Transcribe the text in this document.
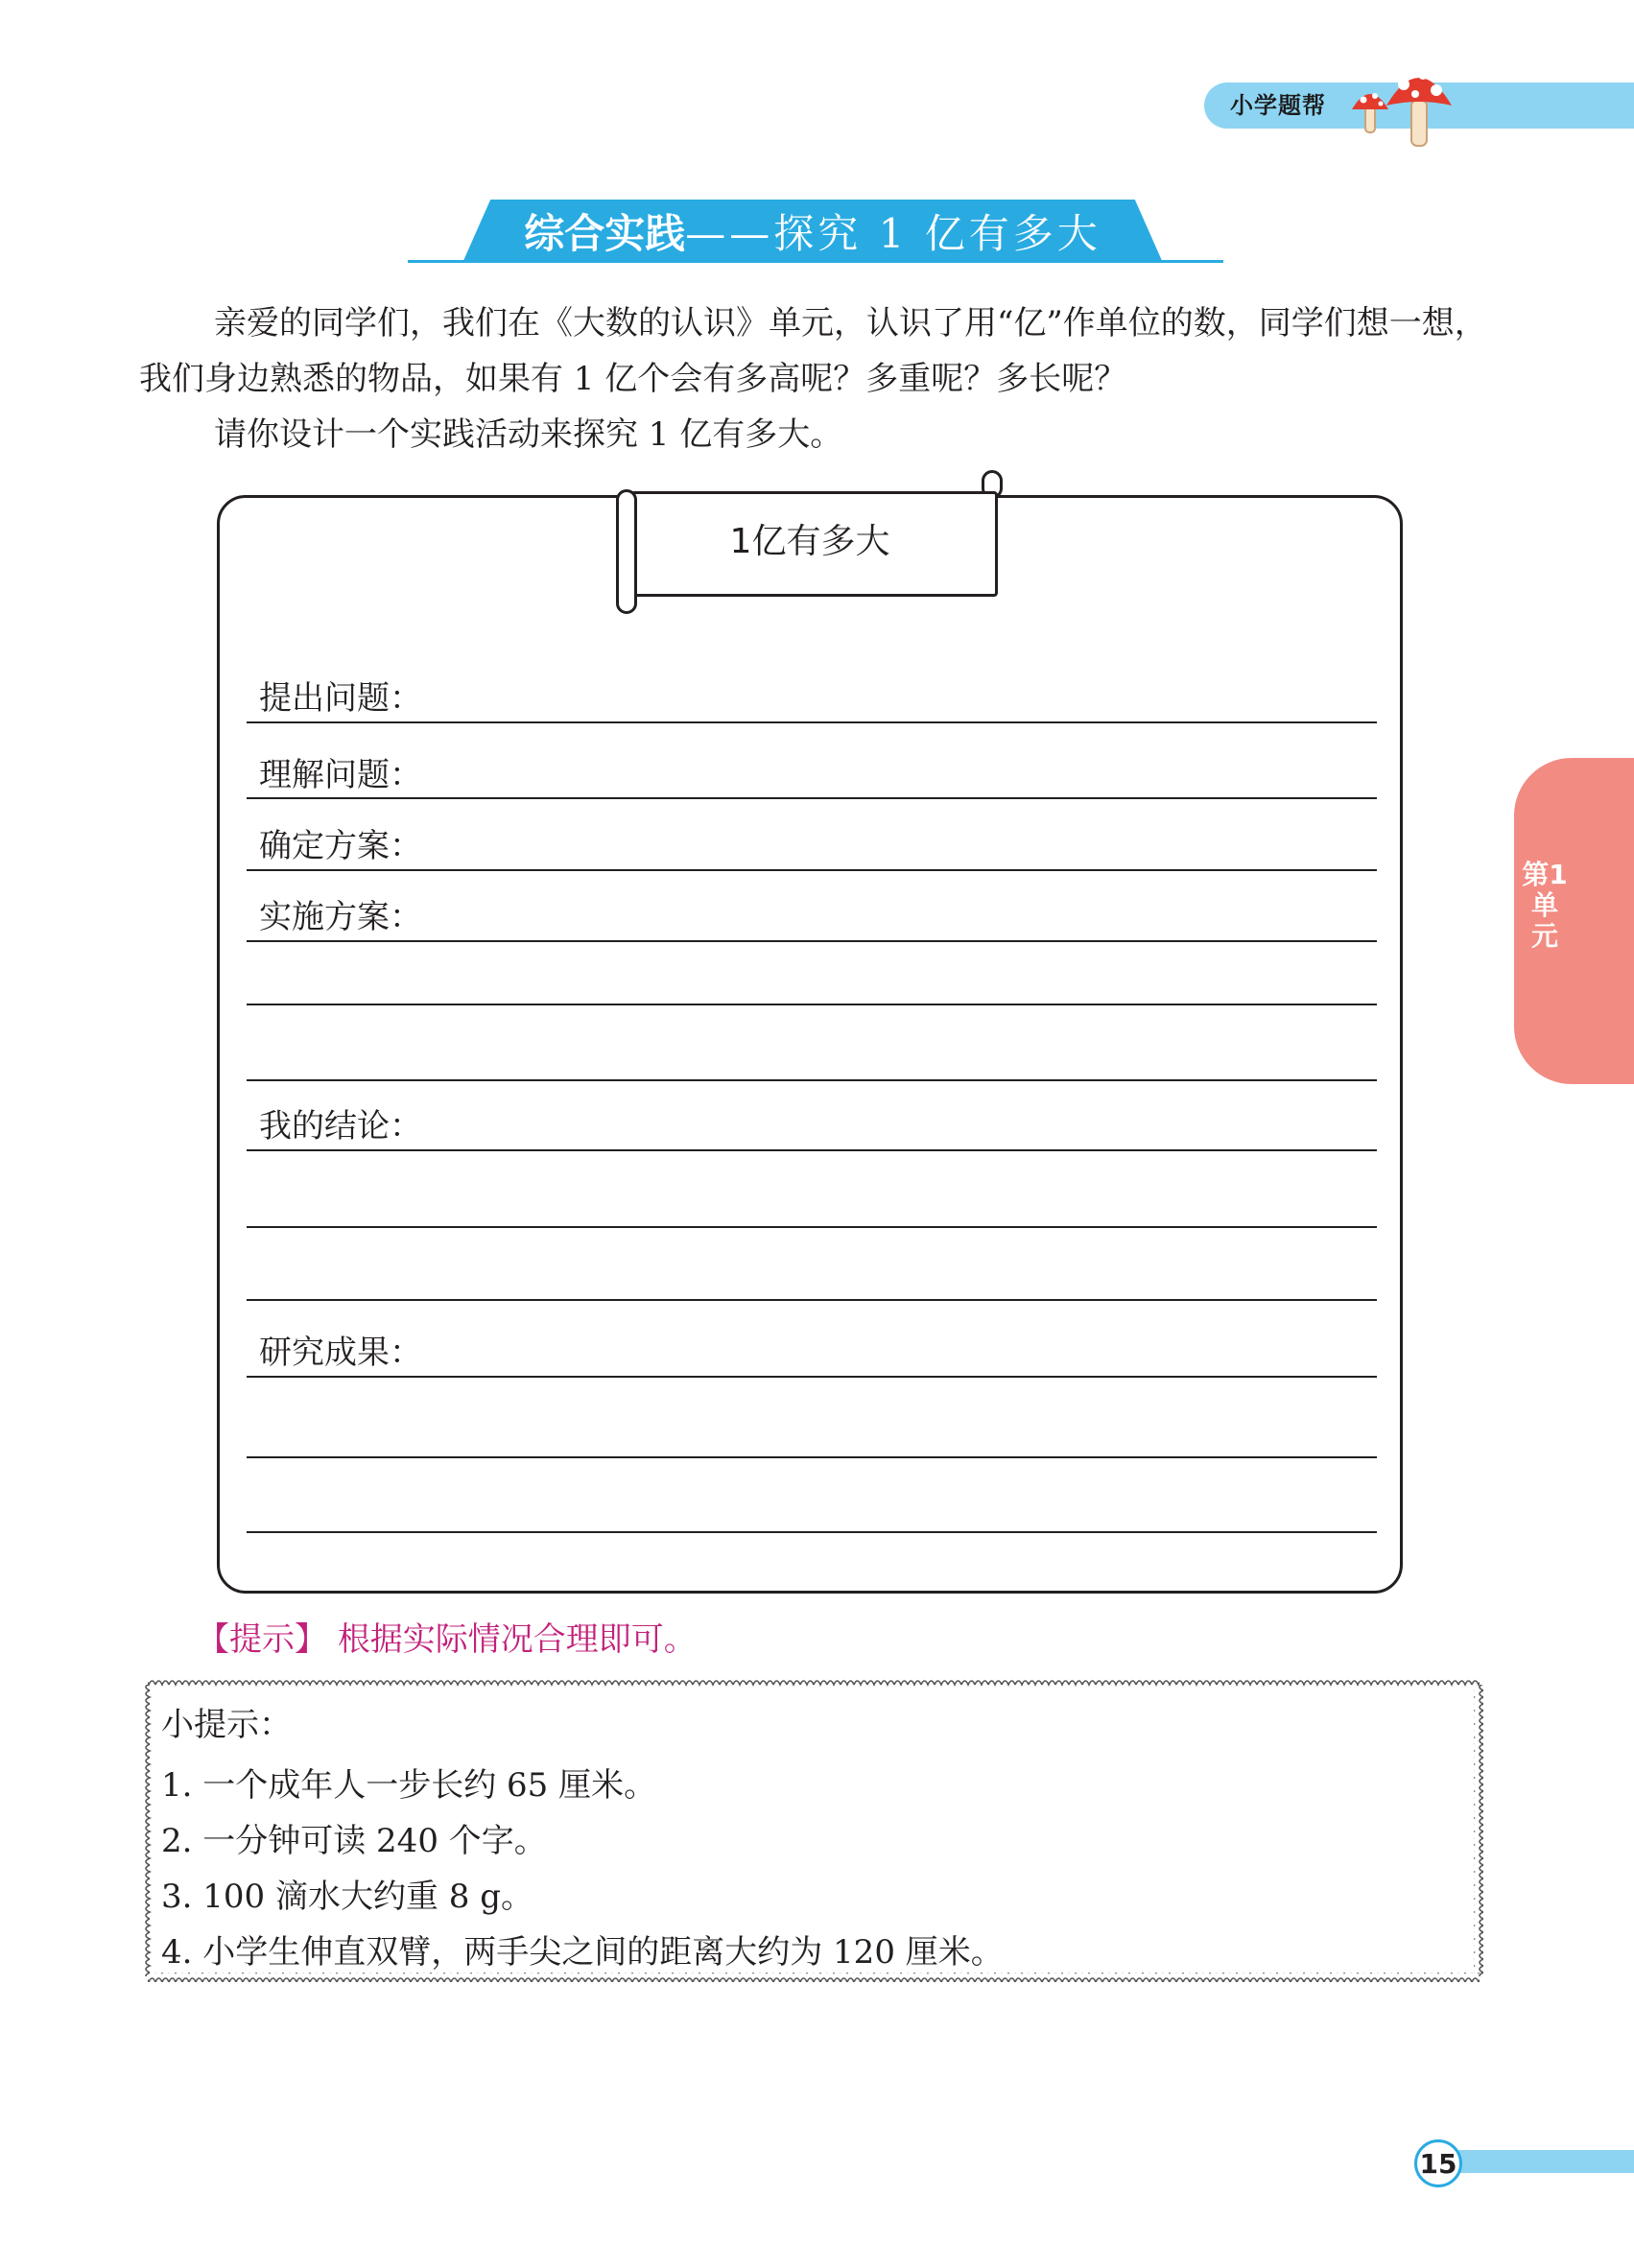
小学题帮
综合实践 ——探究 1 亿有多大

亲爱的同学们，我们在《大数的认识》单元，认识了用“亿”作单位的数，同学们想一想，我们身边熟悉的物品，如果有 1 亿个会有多高呢？多重呢？多长呢？

请你设计一个实践活动来探究 1 亿有多大。

1亿有多大
提出问题：
理解问题：
确定方案：
实施方案：
我的结论：
研究成果：
【提示】 根据实际情况合理即可。
小提示：
1. 一个成年人一步长约 65 厘米。
2. 一分钟可读 240 个字。
3. 100 滴水大约重 8 g。
4. 小学生伸直双臂，两手尖之间的距离大约为 120 厘米。
第1单元
15
